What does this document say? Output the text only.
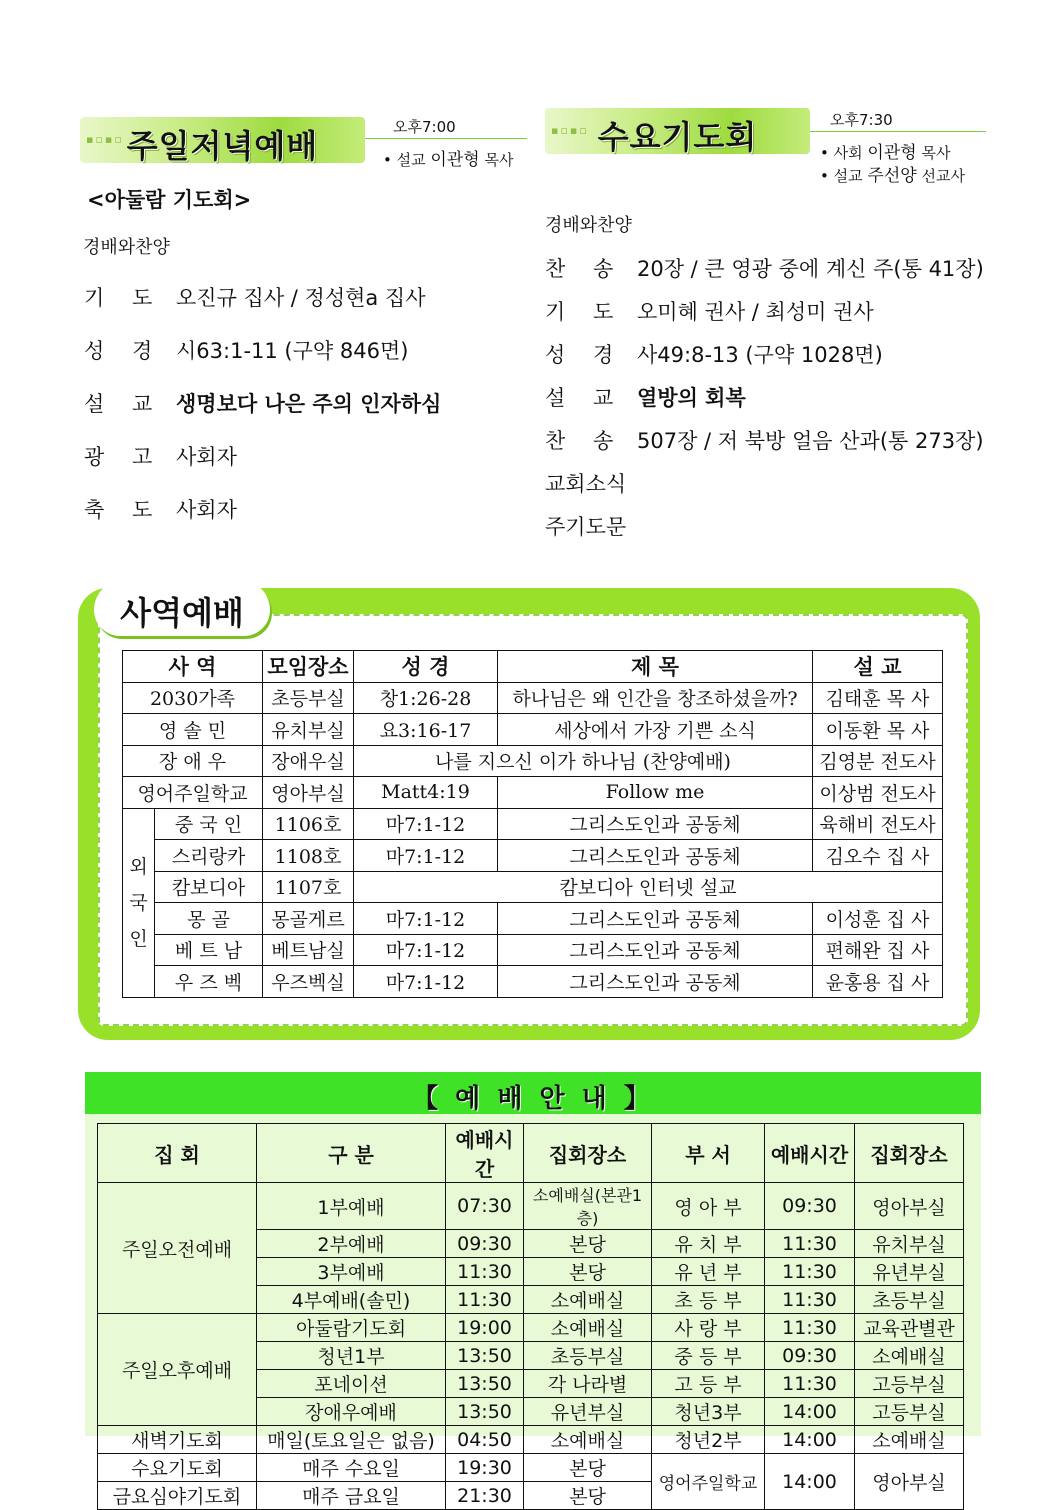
▪▫▪▫ 주일저녁예배	오후7:00
• 설교 이관형 목사
<아둘람 기도회>
경배와찬양
기 도 오진규 집사 / 정성현a 집사
성 경 시63:1-11 (구약 846면)
설 교 생명보다 나은 주의 인자하심
광 고 사회자
축 도 사회자
▪▫▪▫ 수요기도회	오후7:30
• 사회 이관형 목사
• 설교 주선양 선교사
경배와찬양
찬 송 20장 / 큰 영광 중에 계신 주(통 41장)
기 도 오미혜 권사 / 최성미 권사
성 경 사49:8-13 (구약 1028면)
설 교 열방의 회복
찬 송 507장 / 저 북방 얼음 산과(통 273장)
교회소식
주기도문
사역예배
사 역		모임장소	성 경	제 목	설 교
2030가족		초등부실	창1:26-28	하나님은 왜 인간을 창조하셨을까?	김태훈 목 사
영 솔 민		유치부실	요3:16-17	세상에서 가장 기쁜 소식	이동환 목 사
장 애 우		장애우실	나를 지으신 이가 하나님 (찬양예배)		김영분 전도사
영어주일학교		영아부실	Matt4:19	Follow me	이상범 전도사
외
국
인	중 국 인	1106호	마7:1-12	그리스도인과 공동체	육해비 전도사
	스리랑카	1108호	마7:1-12	그리스도인과 공동체	김오수 집 사
	캄보디아	1107호	캄보디아 인터넷 설교		
	몽 골	몽골게르	마7:1-12	그리스도인과 공동체	이성훈 집 사
	베 트 남	베트남실	마7:1-12	그리스도인과 공동체	편해완 집 사
	우 즈 벡	우즈벡실	마7:1-12	그리스도인과 공동체	윤홍용 집 사
【 예 배 안 내 】
집 회	구 분	예배시간	집회장소	부 서	예배시간	집회장소
주일오전예배	1부예배	07:30	소예배실(본관1층)	영 아 부	09:30	영아부실
	2부예배	09:30	본당	유 치 부	11:30	유치부실
	3부예배	11:30	본당	유 년 부	11:30	유년부실
	4부예배(솔민)	11:30	소예배실	초 등 부	11:30	초등부실
주일오후예배	아둘람기도회	19:00	소예배실	사 랑 부	11:30	교육관별관
	청년1부	13:50	초등부실	중 등 부	09:30	소예배실
	포네이션	13:50	각 나라별	고 등 부	11:30	고등부실
	장애우예배	13:50	유년부실	청년3부	14:00	고등부실
새벽기도회	매일(토요일은 없음)	04:50	소예배실	청년2부	14:00	소예배실
수요기도회	매주 수요일	19:30	본당	영어주일학교	14:00	영아부실
금요심야기도회	매주 금요일	21:30	본당			
